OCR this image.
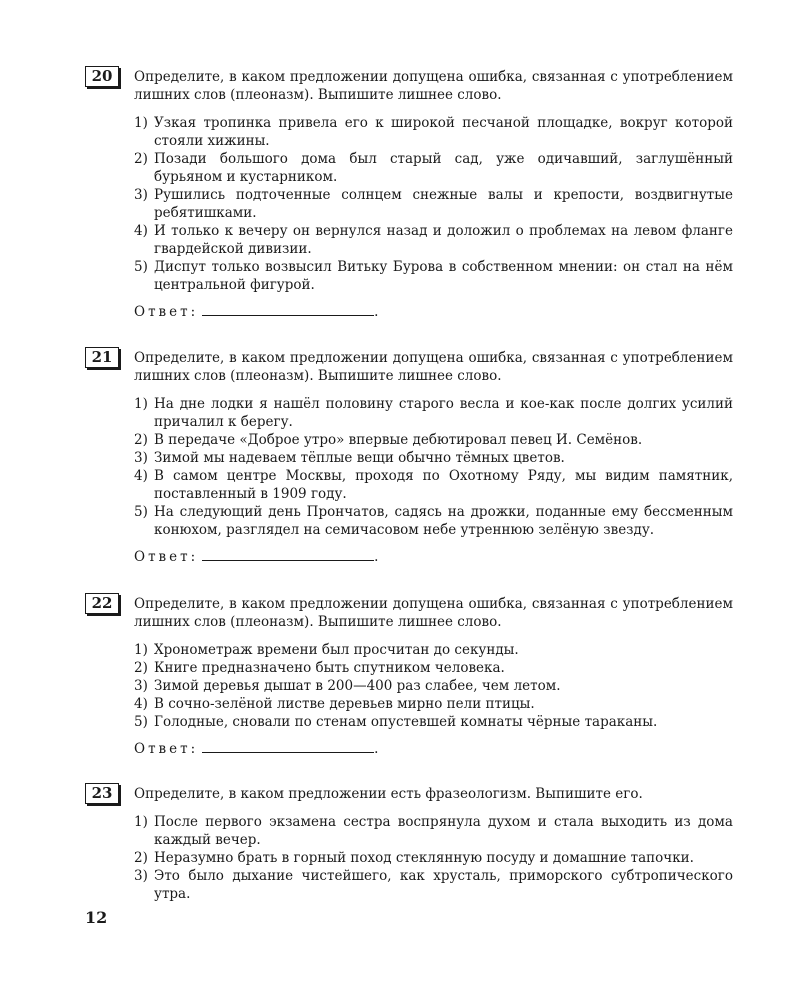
20	Определите, в каком предложении допущена ошибка, связанная с употреблением лишних слов (плеоназм). Выпишите лишнее слово.
1) Узкая тропинка привела его к широкой песчаной площадке, вокруг которой стояли хижины.
2) Позади большого дома был старый сад, уже одичавший, заглушённый бурьяном и кустарником.
3) Рушились подточенные солнцем снежные валы и крепости, воздвигнутые ребятишками.
4) И только к вечеру он вернулся назад и доложил о проблемах на левом фланге гвардейской дивизии.
5) Диспут только возвысил Витьку Бурова в собственном мнении: он стал на нём центральной фигурой.
Ответ:	.
21	Определите, в каком предложении допущена ошибка, связанная с употреблением лишних слов (плеоназм). Выпишите лишнее слово.
1) На дне лодки я нашёл половину старого весла и кое-как после долгих усилий причалил к берегу.
2) В передаче «Доброе утро» впервые дебютировал певец И. Семёнов.
3) Зимой мы надеваем тёплые вещи обычно тёмных цветов.
4) В самом центре Москвы, проходя по Охотному Ряду, мы видим памятник, поставленный в 1909 году.
5) На следующий день Прончатов, садясь на дрожки, поданные ему бессменным конюхом, разглядел на семичасовом небе утреннюю зелёную звезду.
Ответ:	.
22	Определите, в каком предложении допущена ошибка, связанная с употреблением лишних слов (плеоназм). Выпишите лишнее слово.
1) Хронометраж времени был просчитан до секунды.
2) Книге предназначено быть спутником человека.
3) Зимой деревья дышат в 200—400 раз слабее, чем летом.
4) В сочно-зелёной листве деревьев мирно пели птицы.
5) Голодные, сновали по стенам опустевшей комнаты чёрные тараканы.
Ответ:	.
23	Определите, в каком предложении есть фразеологизм. Выпишите его.
1) После первого экзамена сестра воспрянула духом и стала выходить из дома каждый вечер.
2) Неразумно брать в горный поход стеклянную посуду и домашние тапочки.
3) Это было дыхание чистейшего, как хрусталь, приморского субтропического утра.
12
